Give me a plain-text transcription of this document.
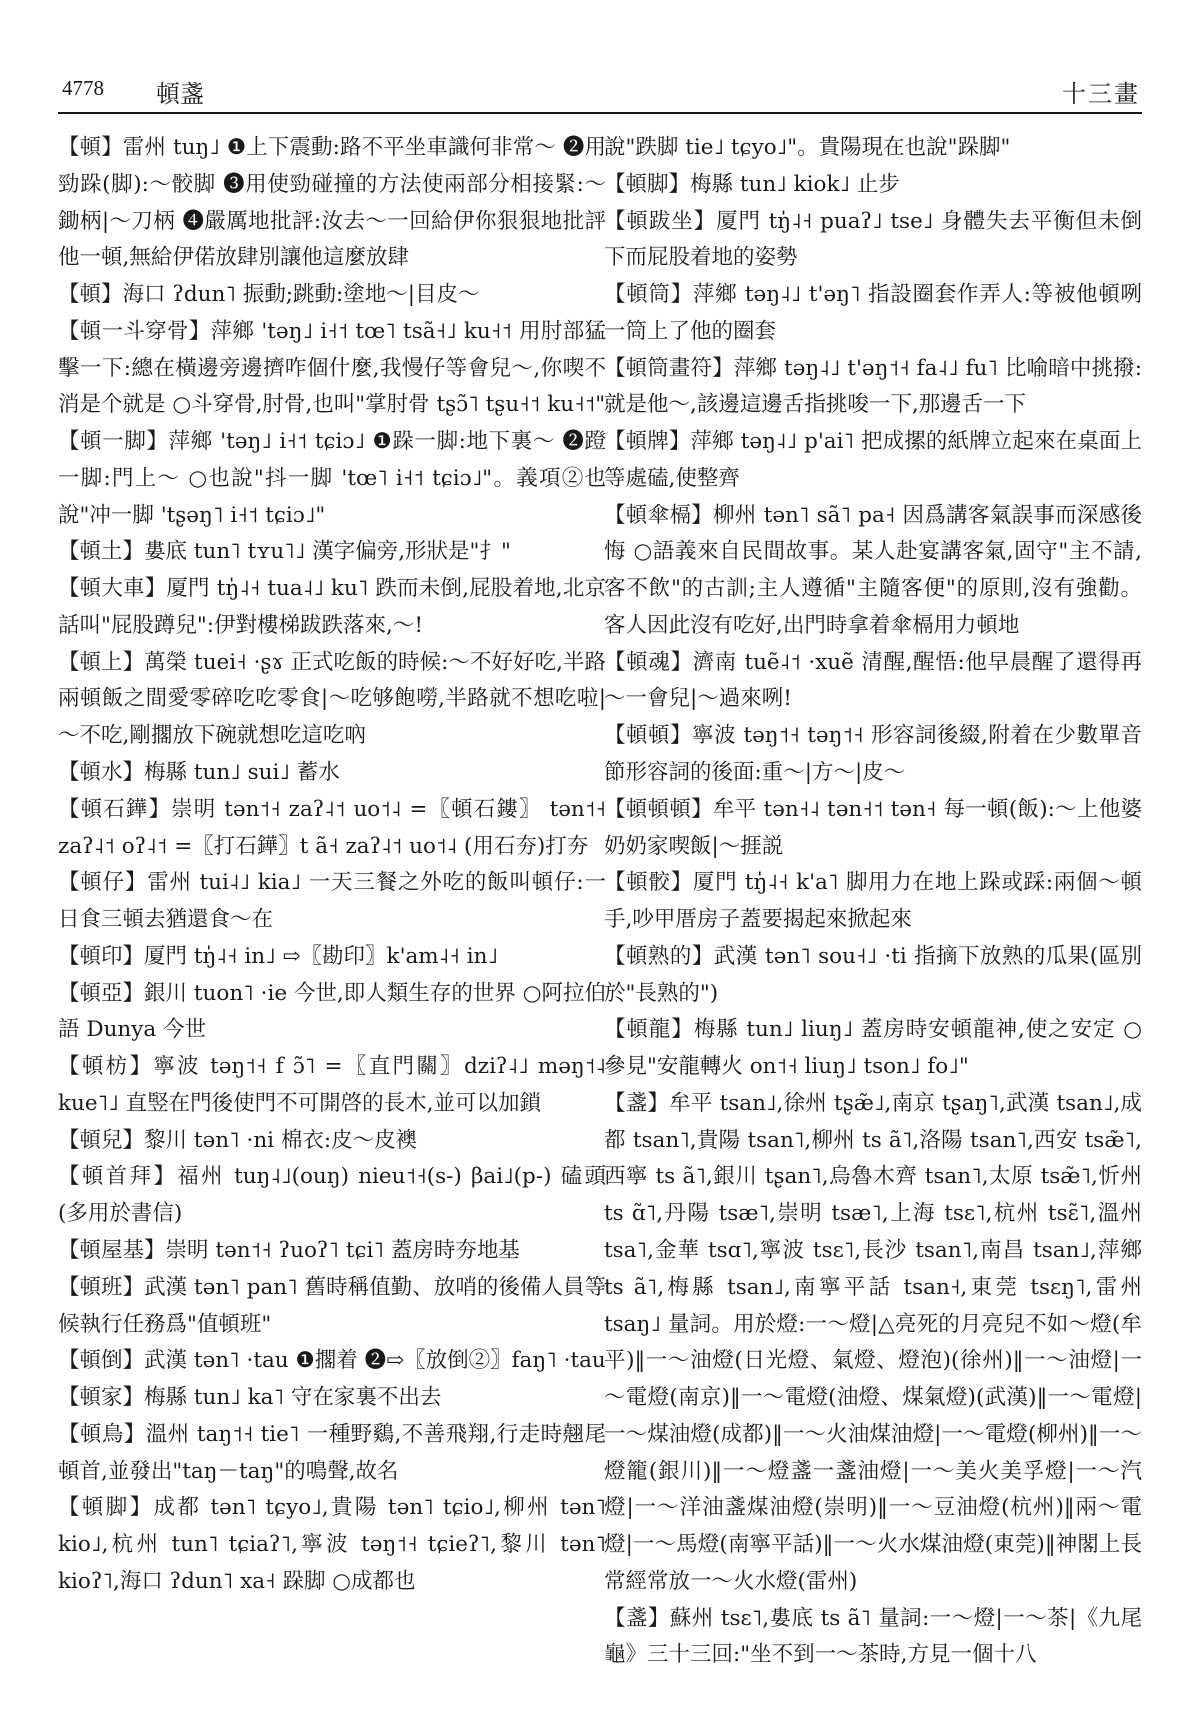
4778 頓盞	十三畫

【頓】雷州 tuŋ˩ ❶上下震動:路不平坐車識何非常～ ❷用勁跺(脚):～骹脚 ❸用使勁碰撞的方法使兩部分相接緊:～鋤柄|～刀柄 ❹嚴厲地批評:汝去～一回給伊你狠狠地批評他一頓,無給伊偌放肆別讓他這麼放肆

【頓】海口 ʔdun˥ 振動;跳動:塗地～|目皮～

【頓一斗穿骨】萍鄉 'təŋ˩ i˧˦ tœ˥ tsã˧˩ ku˧˦ 用肘部猛擊一下:總在橫邊旁邊擠咋個什麼,我慢仔等會兒～,你喫不消是个就是 ○斗穿骨,肘骨,也叫"掌肘骨 tʂɔ̃˥ tʂu˧˦ ku˧˦"

【頓一脚】萍鄉 'təŋ˩ i˧˦ tɕiɔ˩ ❶跺一脚:地下裏～ ❷蹬一脚:門上～ ○也說"抖一脚 'tœ˥ i˧˦ tɕiɔ˩"。義項②也說"冲一脚 'tʂəŋ˥ i˧˦ tɕiɔ˩"

【頓土】婁底 tun˥ tʏu˥˩ 漢字偏旁,形狀是"⺘"

【頓大車】厦門 tŋ̍˨˧ tua˨˩ ku˥ 跌而未倒,屁股着地,北京話叫"屁股蹲兒":伊對樓梯跋跌落來,～!

【頓上】萬榮 tuei˧ ·ʂɤ 正式吃飯的時候:～不好好吃,半路兩頓飯之間愛零碎吃吃零食|～吃够飽嘮,半路就不想吃啦|～不吃,剛擱放下碗就想吃這吃吶

【頓水】梅縣 tun˩ sui˩ 蓄水

【頓石鏵】崇明 tən˦˧ zaʔ˨˦ uo˦˨ =〖頓石鏤〗 tən˦˧ zaʔ˨˦ oʔ˨˦ =〖打石鏵〗t ã˧ zaʔ˨˦ uo˦˨ (用石夯)打夯

【頓仔】雷州 tui˨˩ kia˩ 一天三餐之外吃的飯叫頓仔:一日食三頓去猶還食～在

【頓印】厦門 tŋ̍˨˧ in˩ ⇨〖勘印〗k'am˨˧ in˩

【頓亞】銀川 tuon˥ ·ie 今世,即人類生存的世界 ○阿拉伯語 Dunya 今世

【頓枋】寧波 təŋ˦˧ f ɔ̃˥ =〖直門關〗dziʔ˨˩ məŋ˦˨ kue˥˩ 直竪在門後使門不可開啓的長木,並可以加鎖

【頓兒】黎川 tən˥ ·ni 棉衣:皮～皮襖

【頓首拜】福州 tuŋ˨˩(ouŋ) nieu˦˧(s-) βai˩(p-) 磕頭(多用於書信)

【頓屋基】崇明 tən˦˧ ʔuoʔ˥ tɕi˥ 蓋房時夯地基

【頓班】武漢 tən˥ pan˥ 舊時稱值勤、放哨的後備人員等候執行任務爲"值頓班"

【頓倒】武漢 tən˥ ·tau ❶擱着 ❷⇨〖放倒②〗faŋ˥ ·tau

【頓家】梅縣 tun˩ ka˥ 守在家裏不出去

【頓鳥】溫州 taŋ˦˧ tie˥ 一種野鷄,不善飛翔,行走時翹尾頓首,並發出"taŋ－taŋ"的鳴聲,故名

【頓脚】成都 tən˥ tɕyo˩,貴陽 tən˥ tɕio˩,柳州 tən˥ kio˩,杭州 tun˥ tɕiaʔ˥,寧波 təŋ˦˧ tɕieʔ˥,黎川 tən˥ kioʔ˥,海口 ʔdun˥ xa˧ 跺脚 ○成都也

說"跌脚 tie˩ tɕyo˩"。貴陽現在也說"跺脚"

【頓脚】梅縣 tun˩ kiok˩ 止步

【頓跋坐】厦門 tŋ̍˨˧ puaʔ˩ tse˩ 身體失去平衡但未倒下而屁股着地的姿勢

【頓筒】萍鄉 təŋ˨˩ t'əŋ˥ 指設圈套作弄人:等被他頓咧一筒上了他的圈套

【頓筒畫符】萍鄉 təŋ˨˩ t'əŋ˦˧ fa˨˩ fu˥ 比喻暗中挑撥:就是他～,該邊這邊舌指挑唆一下,那邊舌一下

【頓牌】萍鄉 təŋ˨˩ p'ai˥ 把成摞的紙牌立起來在桌面上等處磕,使整齊

【頓傘槅】柳州 tən˥ sã˥ pa˧ 因爲講客氣誤事而深感後悔 ○語義來自民間故事。某人赴宴講客氣,固守"主不請,客不飲"的古訓;主人遵循"主隨客便"的原則,沒有強勸。客人因此沒有吃好,出門時拿着傘槅用力頓地

【頓魂】濟南 tuẽ˨˦ ·xuẽ 清醒,醒悟:他早晨醒了還得再～一會兒|～過來咧!

【頓頓】寧波 təŋ˦˧ təŋ˦˧ 形容詞後綴,附着在少數單音節形容詞的後面:重～|方～|皮～

【頓頓頓】牟平 tən˧˨ tən˧˦ tən˧ 每一頓(飯):～上他婆奶奶家喫飯|～捱説

【頓骹】厦門 tŋ̍˨˧ k'a˥ 脚用力在地上跺或踩:兩個～頓手,吵甲厝房子蓋要揭起來掀起來

【頓熟的】武漢 tən˥ sou˧˩ ·ti 指摘下放熟的瓜果(區別於"長熟的")

【頓龍】梅縣 tun˩ liuŋ˩ 蓋房時安頓龍神,使之安定 ○參見"安龍轉火 on˦˧ liuŋ˩ tson˩ fo˩"

【盞】牟平 tsan˩,徐州 tʂæ̃˩,南京 tʂaŋ˥,武漢 tsan˩,成都 tsan˥,貴陽 tsan˥,柳州 ts ã˥,洛陽 tsan˥,西安 tsæ̃˥,西寧 ts ã˥,銀川 tʂan˥,烏魯木齊 tsan˥,太原 tsæ̃˥,忻州 ts ɑ̃˥,丹陽 tsæ˥,崇明 tsæ˥,上海 tsɛ˥,杭州 tsɛ̃˥,溫州 tsa˥,金華 tsɑ˥,寧波 tsɛ˥,長沙 tsan˥,南昌 tsan˩,萍鄉 ts ã˥,梅縣 tsan˩,南寧平話 tsan˧,東莞 tsɛŋ˥,雷州 tsaŋ˩ 量詞。用於燈:一～燈|△亮死的月亮兒不如～燈(牟平)‖一～油燈(日光燈、氣燈、燈泡)(徐州)‖一～油燈|一～電燈(南京)‖一～電燈(油燈、煤氣燈)(武漢)‖一～電燈|一～煤油燈(成都)‖一～火油煤油燈|一～電燈(柳州)‖一～燈籠(銀川)‖一～燈盞一盞油燈|一～美火美孚燈|一～汽燈|一～洋油盞煤油燈(崇明)‖一～豆油燈(杭州)‖兩～電燈|一～馬燈(南寧平話)‖一～火水煤油燈(東莞)‖神閣上長常經常放一～火水燈(雷州)

【盞】蘇州 tsɛ˥,婁底 ts ã˥ 量詞:一～燈|一～茶|《九尾龜》三十三回:"坐不到一～茶時,方見一個十八
